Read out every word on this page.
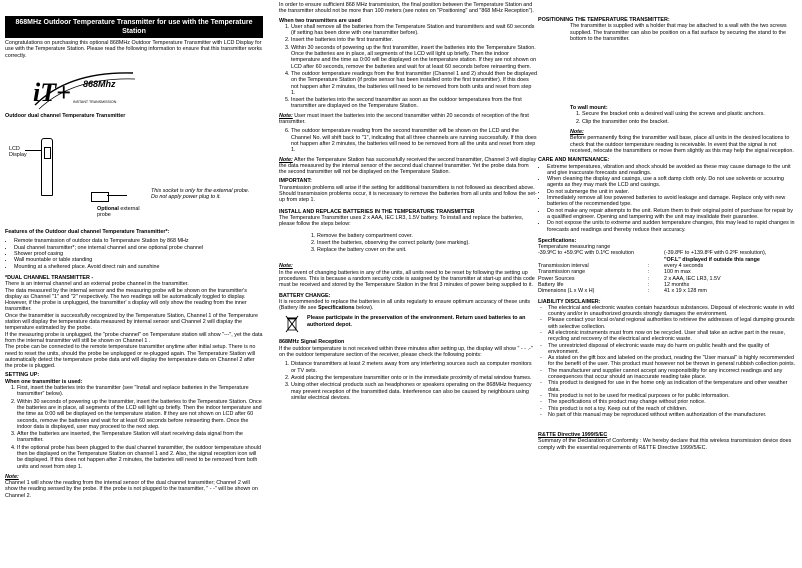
868MHz Outdoor Temperature Transmitter for use with the Temperature Station

Congratulations on purchasing this optional 868MHz Outdoor Temperature Transmitter with LCD Display for use with the Temperature Station. Please read the following information to ensure that this transmitter works correctly.

iT+ 868Mhz
INSTANT TRANSMISSION

Outdoor dual channel Temperature Transmitter

LCD
Display
Optional external
probe
This socket is only for the external probe. Do not apply power plug to it.

Features of the Outdoor dual channel Temperature Transmitter*:

• Remote transmission of outdoor data to Temperature Station by 868 MHz
• Dual channel transmitter*; one internal channel and one optional probe channel
• Shower proof casing
• Wall mountable or table standing
• Mounting at a sheltered place. Avoid direct rain and sunshine

*DUAL CHANNEL TRANSMITTER -

There is an internal channel and an external probe channel in the transmitter.

The data measured by the internal sensor and the measuring probe will be shown on the transmitter's display as Channel "1" and "2" respectively. The two readings will be automatically toggled to display. However, if the probe is unplugged, the transmitter' s display will only show the reading from the inner transmitter.

Once the transmitter is successfully recognized by the Temperature Station, Channel 1 of the Temperature station will display the temperature data measured by internal sensor and Channel 2 will display the temperature estimated by the probe.

If the measuring probe is unplugged, the "probe channel" on Temperature station will show "---", yet the data from the internal transmitter will still be shown on Channel 1 .

The probe can be connected to the remote temperature transmitter anytime after initial setup. There is no need to reset the units, should the probe be unplugged or re-plugged again. The Temperature Station will automatically detect the temperature probe data and will display the temperature data on Channel 2 after the probe is plugged.

SETTING UP:

When one transmitter is used:

1. First, insert the batteries into the transmitter (see "Install and replace batteries in the Temperature transmitter" below).
2. Within 30 seconds of powering up the transmitter, insert the batteries to the Temperature Station. Once the batteries are in place, all segments of the LCD will light up briefly. Then the indoor temperature and the time as 0:00 will be displayed on the temperature station. If they are not shown on LCD after 60 seconds, remove the batteries and wait for at least 60 seconds before reinserting them. Once the indoor data is displayed, user may proceed to the next step.
3. After the batteries are inserted, the Temperature Station will start receiving data signal from the transmitter.
4. If the optional probe has been plugged to the dual channel transmitter, the outdoor temperature should then be displayed on the Temperature Station on channel 1 and 2. Also, the signal reception icon will be displayed. If this does not happen after 2 minutes, the batteries will need to be removed from both units and reset from step 1.

Note:

Channel 1 will show the reading from the internal sensor of the dual channel transmitter; Channel 2 will show the reading sensed by the probe. If the probe is not plugged to the transmitter, " - -" will be shown on Channel 2.

In order to ensure sufficient 868 MHz transmission, the final position between the Temperature Station and the transmitter should not be more than 100 meters (see notes on "Positioning" and "868 MHz Reception").

When two transmitters are used

1. User shall remove all the batteries from the Temperature Station and transmitters and wait 60 seconds (if setting has been done with one transmitter before).
2. Insert the batteries into the first transmitter.
3. Within 30 seconds of powering up the first transmitter, insert the batteries into the Temperature Station. Once the batteries are in place, all segments of the LCD will light up briefly. Then the indoor temperature and the time as 0:00 will be displayed on the temperature station. If they are not shown on LCD after 60 seconds, remove the batteries and wait for at least 60 seconds before reinserting them.
4. The outdoor temperature readings from the first transmitter (Channel 1 and 2) should then be displayed on the Temperature Station (if probe sensor has been installed onto the first transmitter). If this does not happen after 2 minutes, the batteries will need to be removed from both units and reset from step 1.
5. Insert the batteries into the second transmitter as soon as the outdoor temperatures from the first transmitter are displayed on the Temperature Station.

Note: User must insert the batteries into the second transmitter within 20 seconds of reception of the first transmitter.

6. The outdoor temperature reading from the second transmitter will be shown on the LCD and the Channel No. will shift back to "1", indicating that all three channels are running successfully. If this does not happen after 2 minutes, the batteries will need to be removed from all the units and reset from step 1.

Note: After the Temperature Station has successfully received the second transmitter, Channel 3 will display the data measured by the internal sensor of the second dual channel transmitter. Yet the probe data from the second transmitter will not be displayed on the Temperature Station.

IMPORTANT:

Transmission problems will arise if the setting for additional transmitters is not followed as described above. Should transmission problems occur, it is necessary to remove the batteries from all units and follow the set-up from step 1.

INSTALL AND REPLACE BATTERIES IN THE TEMPERATURE TRANSMITTER

The Temperature Transmitter uses 2 x AAA, IEC LR3, 1.5V battery. To install and replace the batteries, please follow the steps below:

1. Remove the battery compartment cover.
2. Insert the batteries, observing the correct polarity (see marking).
3. Replace the battery cover on the unit.

Note:

In the event of changing batteries in any of the units, all units need to be reset by following the setting up procedures. This is because a random security code is assigned by the transmitter at start-up and this code must be received and stored by the Temperature Station in the first 3 minutes of power being supplied to it.

BATTERY CHANGE:

It is recommended to replace the batteries in all units regularly to ensure optimum accuracy of these units (Battery life see Specifications below).

Please participate in the preservation of the environment. Return used batteries to an authorized depot.

868MHz Signal Reception

If the outdoor temperature is not received within three minutes after setting up, the display will show " - - .-" on the outdoor temperature section of the receiver, please check the following points:

1. Distance transmitters at least 2 meters away from any interfering sources such as computer monitors or TV sets.
2. Avoid placing the temperature transmitter onto or in the immediate proximity of metal window frames.
3. Using other electrical products such as headphones or speakers operating on the 868MHz frequency may prevent reception of the transmitted data. Interference can also be caused by neighbours using similar electrical devices.

POSITIONING THE TEMPERATURE TRANSMITTER:

The transmitter is supplied with a holder that may be attached to a wall with the two screws supplied. The transmitter can also be position on a flat surface by securing the stand to the bottom to the transmitter.

To wall mount:

1. Secure the bracket onto a desired wall using the screws and plastic anchors.
2. Clip the transmitter onto the bracket.

Note:

Before permanently fixing the transmitter wall base, place all units in the desired locations to check that the outdoor temperature reading is receivable. In event that the signal is not received, relocate the transmitters or move them slightly as this may help the signal reception.

CARE AND MAINTENANCE:

• Extreme temperatures, vibration and shock should be avoided as these may cause damage to the unit and give inaccurate forecasts and readings.
• When cleaning the display and casings, use a soft damp cloth only. Do not use solvents or scouring agents as they may mark the LCD and casings.
• Do not submerge the unit in water.
• Immediately remove all low powered batteries to avoid leakage and damage. Replace only with new batteries of the recommended type.
• Do not make any repair attempts to the unit. Return them to their original point of purchase for repair by a qualified engineer. Opening and tampering with the unit may invalidate their guarantee.
• Do not expose the units to extreme and sudden temperature changes, this may lead to rapid changes in forecasts and readings and thereby reduce their accuracy.

Specifications:

Temperature measuring range

-39.9ºC to +59.9ºC with 0.1ºC resolution	(-39.8ºF to +139.8ºF with 0.2ºF resolution),
"OF.L" displayed if outside this range
Transmission interval	:	every 4 seconds
Transmission range	:	100 m max
Power Sources	:	2 x AAA, IEC LR3, 1.5V
Battery life	:	12 months
Dimensions (L x W x H)	:	41 x 19 x 128 mm

LIABILITY DISCLAIMER:

- The electrical and electronic wastes contain hazardous substances. Disposal of electronic waste in wild country and/or in unauthorized grounds strongly damages the environment.
- Please contact your local or/and regional authorities to retrieve the addresses of legal dumping grounds with selective collection.
- All electronic instruments must from now on be recycled. User shall take an active part in the reuse, recycling and recovery of the electrical and electronic waste.
- The unrestricted disposal of electronic waste may do harm on public health and the quality of environment.
- As stated on the gift box and labeled on the product, reading the "User manual" is highly recommended for the benefit of the user. This product must however not be thrown in general rubbish collection points.
- The manufacturer and supplier cannot accept any responsibility for any incorrect readings and any consequences that occur should an inaccurate reading take place.
- This product is designed for use in the home only as indication of the temperature and other weather data.
- This product is not to be used for medical purposes or for public information.
- The specifications of this product may change without prior notice.
- This product is not a toy. Keep out of the reach of children.
- No part of this manual may be reproduced without written authorization of the manufacturer.

R&TTE Directive 1999/5/EC

Summary of the Declaration of Conformity : We hereby declare that this wireless transmission device does comply with the essential requirements of R&TTE Directive 1999/5/EC.
